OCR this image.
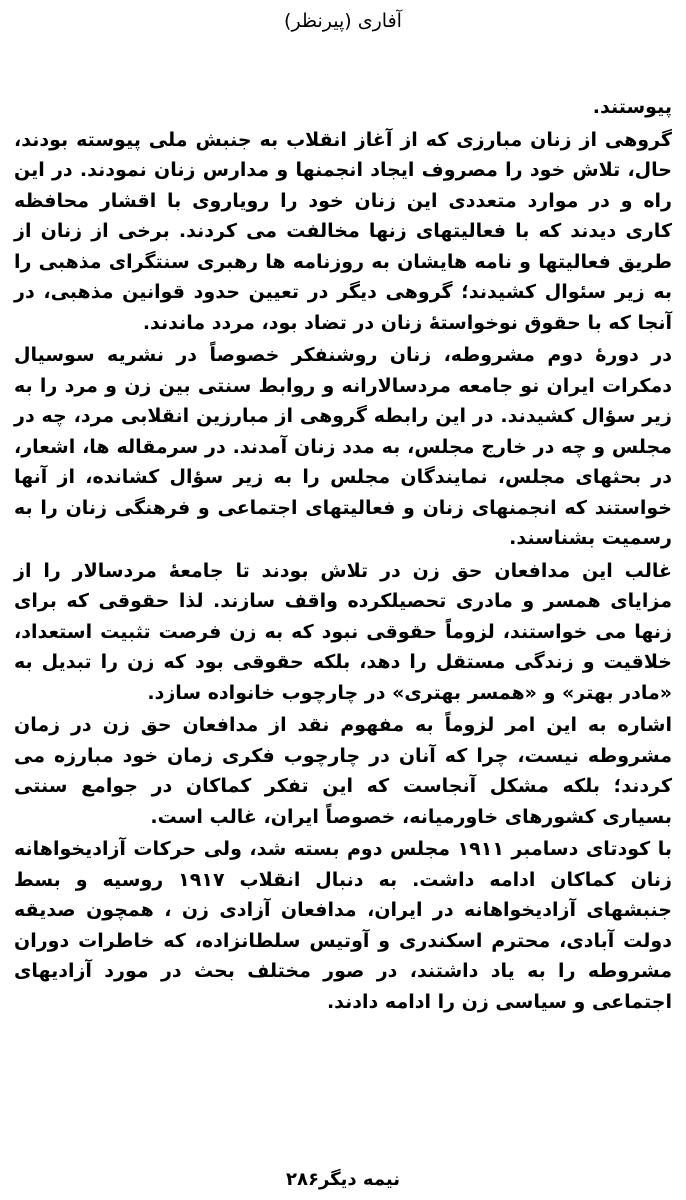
آفاری (پیرنظر)

پیوستند.

گروهی از زنان مبارزی که از آغاز انقلاب به جنبش ملی پیوسته بودند، حال، تلاش خود را مصروف ایجاد انجمنها و مدارس زنان نمودند. در این راه و در موارد متعددی این زنان خود را رویاروی با اقشار محافظه کاری دیدند که با فعالیتهای زنها مخالفت می کردند. برخی از زنان از طریق فعالیتها و نامه هایشان به روزنامه ها رهبری سنتگرای مذهبی را به زیر سئوال کشیدند؛ گروهی دیگر در تعیین حدود قوانین مذهبی، در آنجا که با حقوق نوخواستهٔ زنان در تضاد بود، مردد ماندند.

در دورهٔ دوم مشروطه، زنان روشنفکر خصوصاً در نشریه سوسیال دمکرات ایران نو جامعه مردسالارانه و روابط سنتی بین زن و مرد را به زیر سؤال کشیدند. در این رابطه گروهی از مبارزین انقلابی مرد، چه در مجلس و چه در خارج مجلس، به مدد زنان آمدند. در سرمقاله ها، اشعار، در بحثهای مجلس، نمایندگان مجلس را به زیر سؤال کشانده، از آنها خواستند که انجمنهای زنان و فعالیتهای اجتماعی و فرهنگی زنان را به رسمیت بشناسند.

غالب این مدافعان حق زن در تلاش بودند تا جامعهٔ مردسالار را از مزایای همسر و مادری تحصیلکرده واقف سازند. لذا حقوقی که برای زنها می خواستند، لزوماً حقوقی نبود که به زن فرصت تثبیت استعداد، خلاقیت و زندگی مستقل را دهد، بلکه حقوقی بود که زن را تبدیل به «مادر بهتر» و «همسر بهتری» در چارچوب خانواده سازد.

اشاره به این امر لزوماً به مفهوم نقد از مدافعان حق زن در زمان مشروطه نیست، چرا که آنان در چارچوب فکری زمان خود مبارزه می کردند؛ بلکه مشکل آنجاست که این تفکر کماکان در جوامع سنتی بسیاری کشورهای خاورمیانه، خصوصاً ایران، غالب است.

با کودتای دسامبر ۱۹۱۱ مجلس دوم بسته شد، ولی حرکات آزادیخواهانه زنان کماکان ادامه داشت. به دنبال انقلاب ۱۹۱۷ روسیه و بسط جنبشهای آزادیخواهانه در ایران، مدافعان آزادی زن ، همچون صدیقه دولت آبادی، محترم اسکندری و آوتیس سلطانزاده، که خاطرات دوران مشروطه را به یاد داشتند، در صور مختلف بحث در مورد آزادیهای اجتماعی و سیاسی زن را ادامه دادند.

نیمه دیگر۲۸۶
